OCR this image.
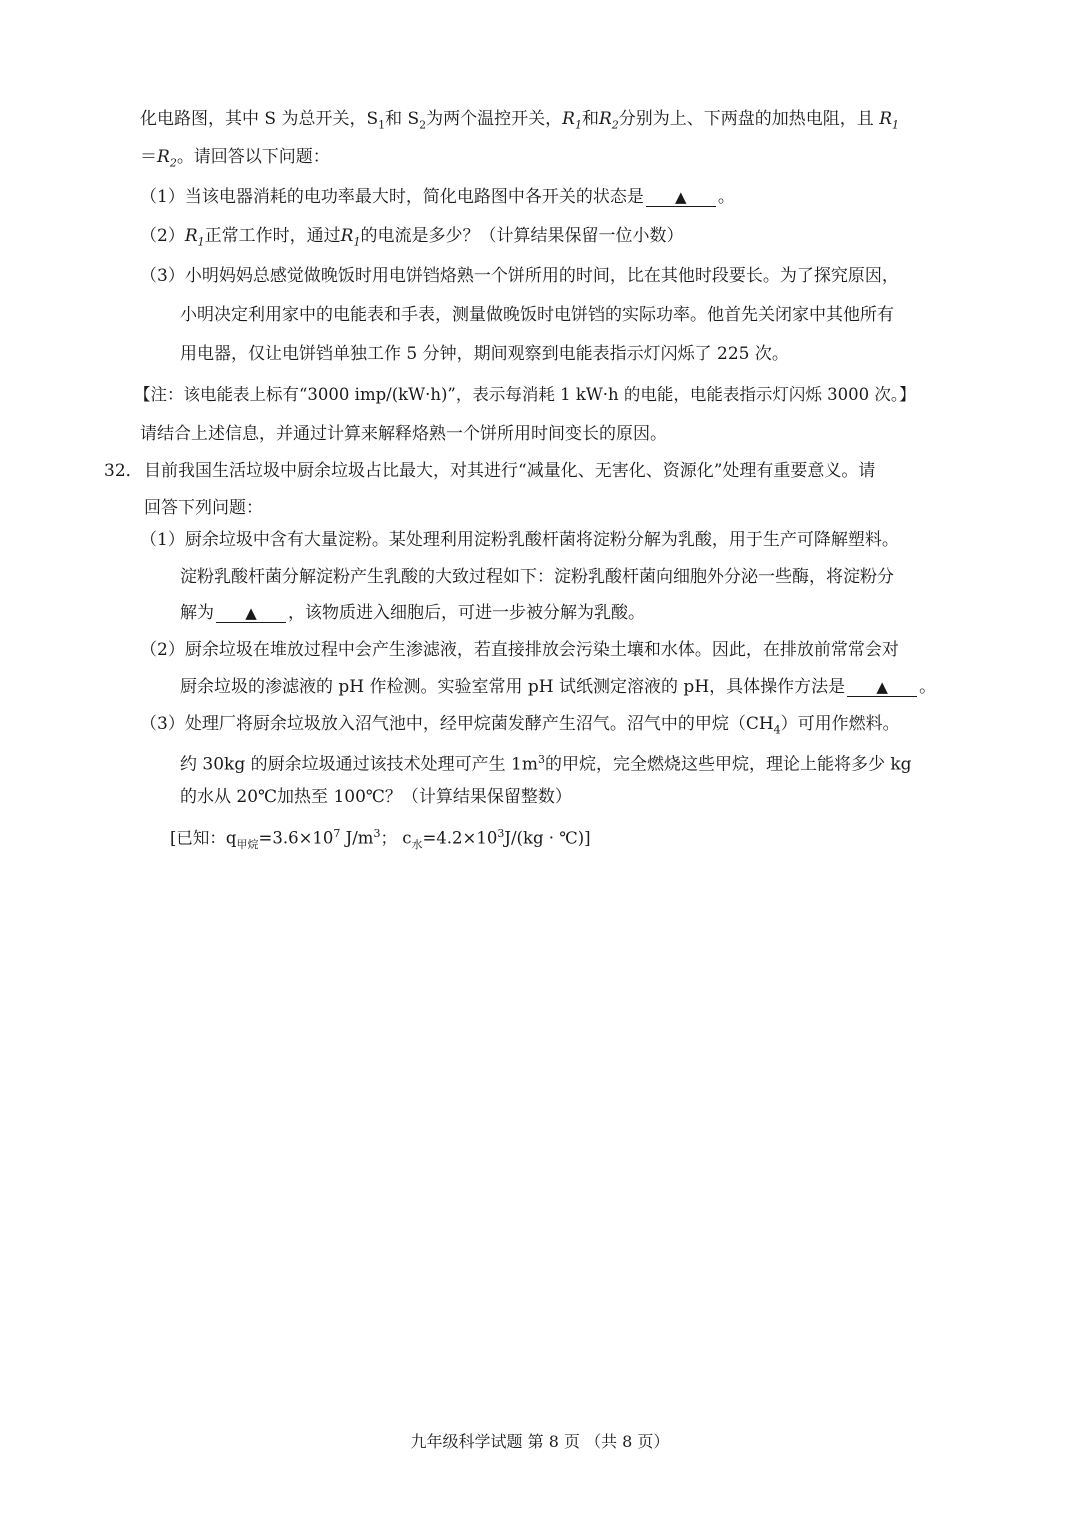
化电路图，其中 S 为总开关，$S_1$和 $S_2$为两个温控开关，$R_1$和$R_2$分别为上、下两盘的加热电阻，且 $R_1$
$=R_2$。请回答以下问题：
（1）当该电器消耗的电功率最大时，简化电路图中各开关的状态是 ▲ 。
$(2)R_1$正常工作时，通过$R_1$的电流是多少？（计算结果保留一位小数）
（3）小明妈妈总感觉做晚饭时用电饼铛烙熟一个饼所用的时间，比在其他时段要长。为了探究原因，
小明决定利用家中的电能表和手表，测量做晚饭时电饼铛的实际功率。他首先关闭家中其他所有
用电器，仅让电饼铛单独工作 5 分钟，期间观察到电能表指示灯闪烁了 225 次。
【注：该电能表上标有“3000 imp/(kW·h)”，表示每消耗 1 kW·h 的电能，电能表指示灯闪烁 3000 次。】
请结合上述信息，并通过计算来解释烙熟一个饼所用时间变长的原因。
32． 目前我国生活垃圾中厨余垃圾占比最大，对其进行“减量化、无害化、资源化”处理有重要意义。请
回答下列问题：
（1）厨余垃圾中含有大量淀粉。某处理利用淀粉乳酸杆菌将淀粉分解为乳酸，用于生产可降解塑料。
淀粉乳酸杆菌分解淀粉产生乳酸的大致过程如下：淀粉乳酸杆菌向细胞外分泌一些酶，将淀粉分
解为 ▲ ，该物质进入细胞后，可进一步被分解为乳酸。
（2）厨余垃圾在堆放过程中会产生渗滤液，若直接排放会污染土壤和水体。因此，在排放前常常会对
厨余垃圾的渗滤液的 pH 作检测。实验室常用 pH 试纸测定溶液的 pH，具体操作方法是 ▲ 。
（3）处理厂将厨余垃圾放入沼气池中，经甲烷菌发酵产生沼气。沼气中的甲烷$(CH_4)$可用作燃料。
约 30kg 的厨余垃圾通过该技术处理可产生 $1m^3$的甲烷，完全燃烧这些甲烷，理论上能将多少 kg
的水从 20℃加热至 100℃？（计算结果保留整数）
[已知：$q_{甲烷}=3.6\times 10^7$ $J/m^3$； $c_水=4.2\times 10^3J/(kg$ · ℃)]
九年级科学试题 第 8 页 （共 8 页）
